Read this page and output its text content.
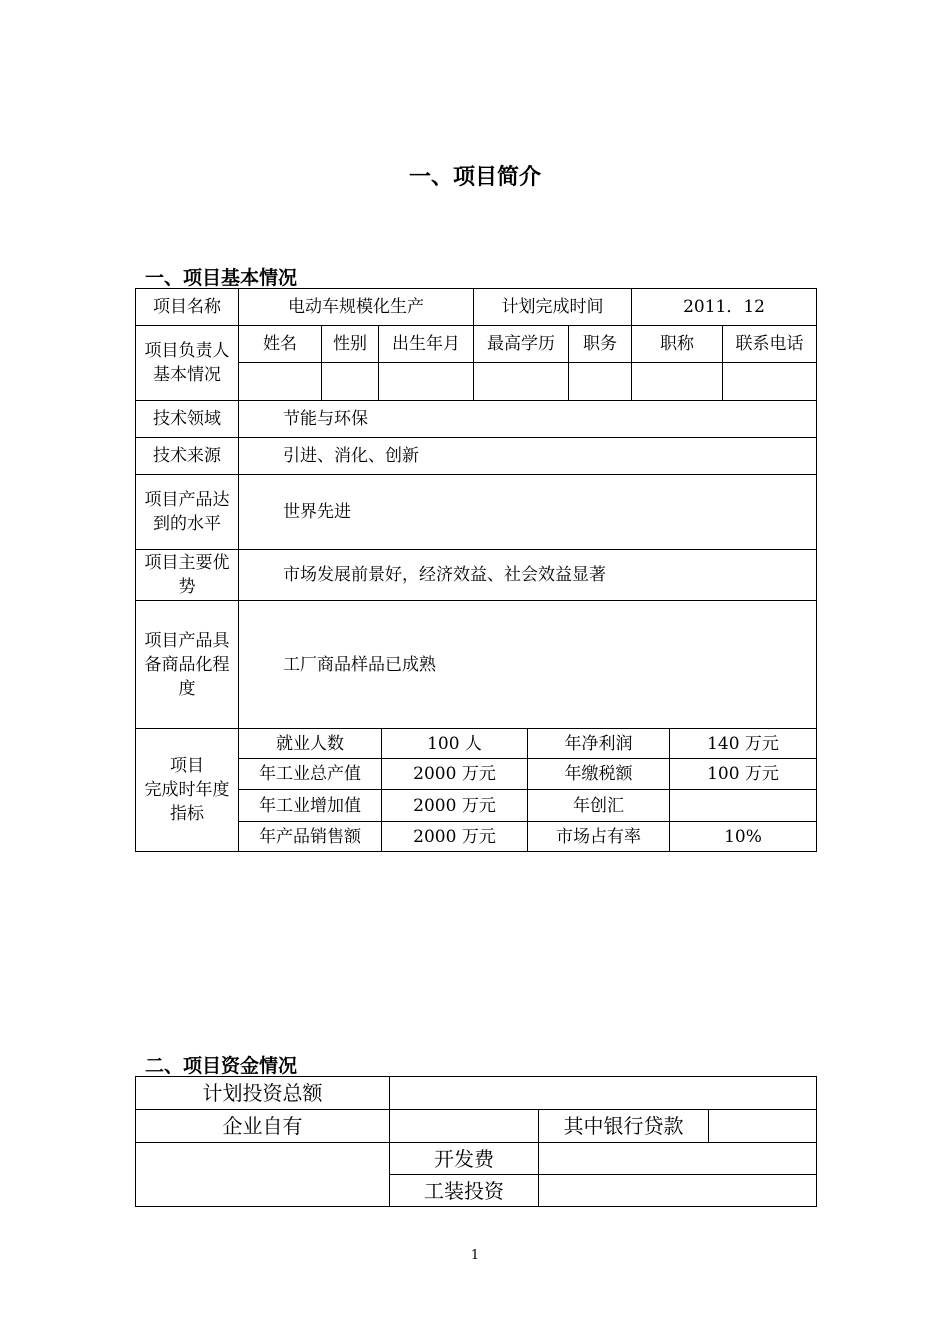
一、项目简介
一、项目基本情况
项目名称	电动车规模化生产			计划完成时间		2011．12	
项目负责人基本情况	姓名	性别	出生年月	最高学历	职务	职称	联系电话

技术领域	节能与环保						
技术来源	引进、消化、创新						
项目产品达到的水平	世界先进						
项目主要优势	市场发展前景好，经济效益、社会效益显著						
项目产品具备商品化程度	工厂商品样品已成熟						
项目
完成时年度指标	就业人数	100 人	年净利润	140 万元
	年工业总产值	2000 万元	年缴税额	100 万元
	年工业增加值	2000 万元	年创汇	
	年产品销售额	2000 万元	市场占有率	10%
二、项目资金情况
计划投资总额			
企业自有		其中银行贷款	
	开发费		
	工装投资		
1
